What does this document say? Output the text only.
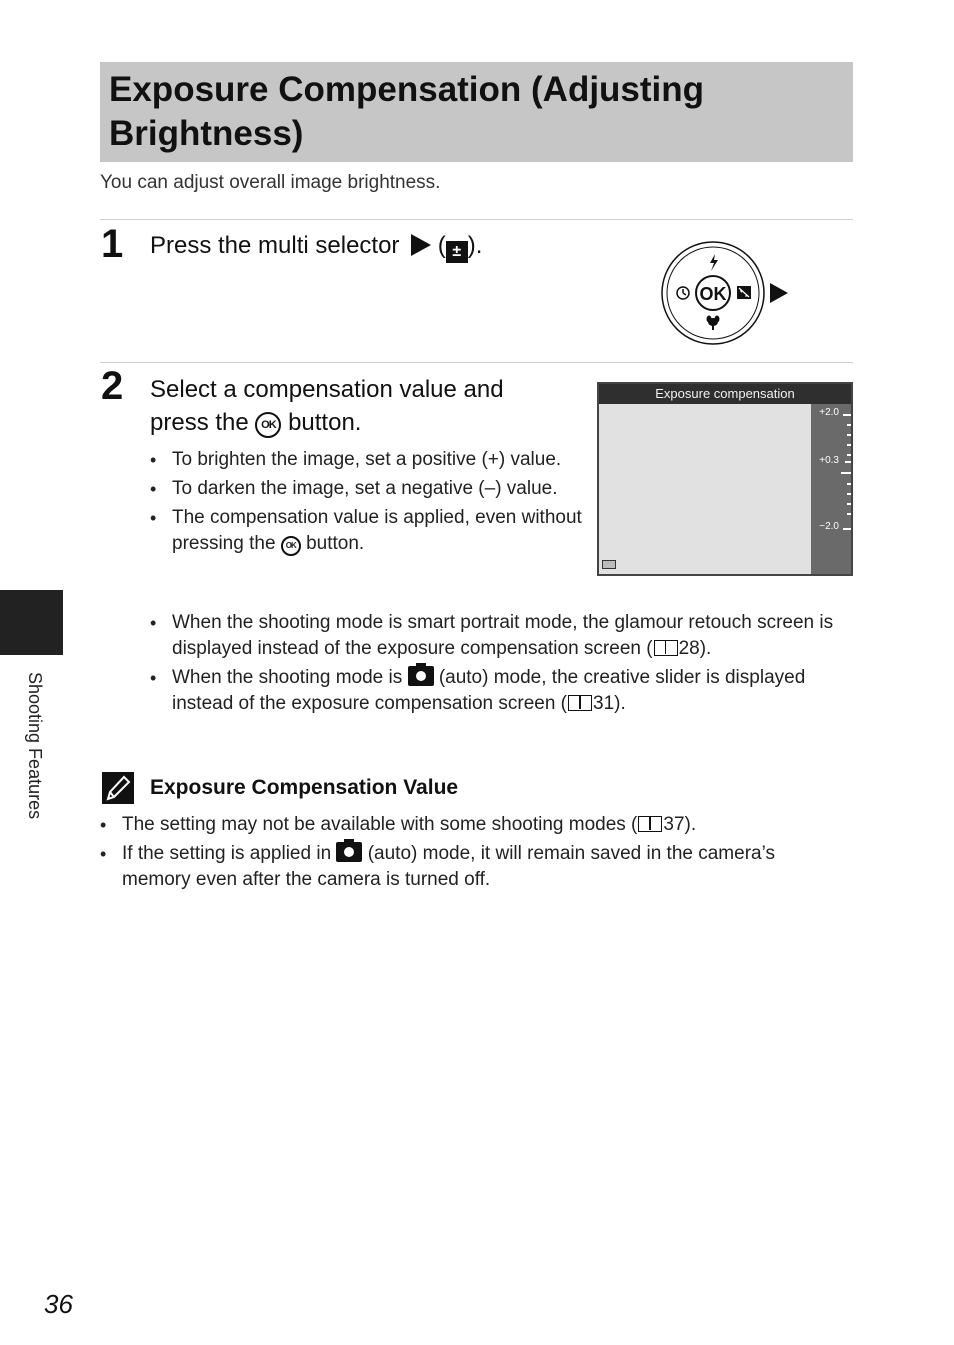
Exposure Compensation (Adjusting Brightness)
You can adjust overall image brightness.
1 Press the multi selector  ( ± ).
OK
2 Select a compensation value and
press the OK button.
Exposure compensation
+2.0
+0.3
−2.0
• To brighten the image, set a positive (+) value.
• To darken the image, set a negative (–) value.
• The compensation value is applied, even without pressing the OK button.
• When the shooting mode is smart portrait mode, the glamour retouch screen is displayed instead of the exposure compensation screen ( 28).
• When the shooting mode is (auto) mode, the creative slider is displayed instead of the exposure compensation screen ( 31).
Shooting Features	Exposure Compensation Value
• The setting may not be available with some shooting modes ( 37).
• If the setting is applied in (auto) mode, it will remain saved in the camera’s memory even after the camera is turned off.
36
